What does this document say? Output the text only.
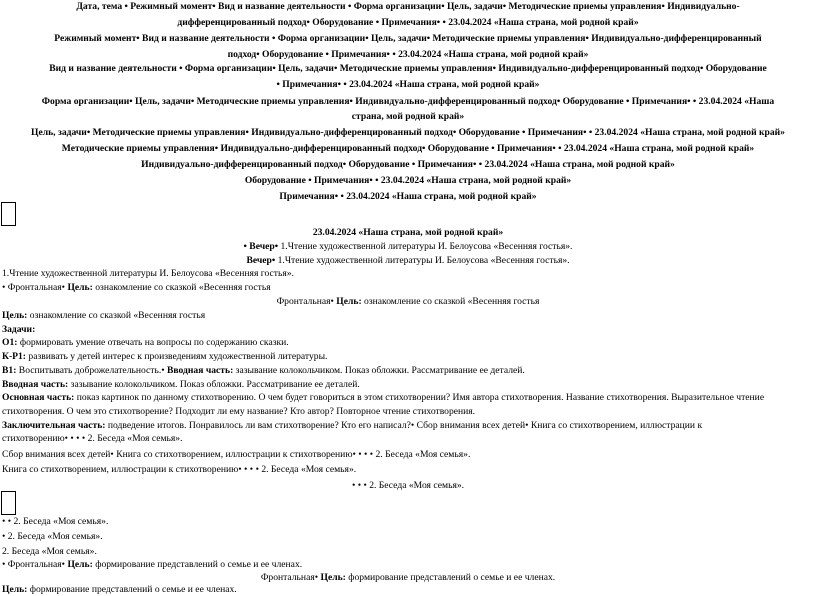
Дата, тема • Режимный момент• Вид и название деятельности • Форма организации• Цель, задачи• Методические приемы управления• Индивидуально-
дифференцированный подход• Оборудование • Примечания• • 23.04.2024 «Наша страна, мой родной край»
Режимный момент• Вид и название деятельности • Форма организации• Цель, задачи• Методические приемы управления• Индивидуально-дифференцированный
подход• Оборудование • Примечания• • 23.04.2024 «Наша страна, мой родной край»
Вид и название деятельности • Форма организации• Цель, задачи• Методические приемы управления• Индивидуально-дифференцированный подход• Оборудование
• Примечания• • 23.04.2024 «Наша страна, мой родной край»
Форма организации• Цель, задачи• Методические приемы управления• Индивидуально-дифференцированный подход• Оборудование • Примечания• • 23.04.2024 «Наша
страна, мой родной край»
Цель, задачи• Методические приемы управления• Индивидуально-дифференцированный подход• Оборудование • Примечания• • 23.04.2024 «Наша страна, мой родной край»
Методические приемы управления• Индивидуально-дифференцированный подход• Оборудование • Примечания• • 23.04.2024 «Наша страна, мой родной край»
Индивидуально-дифференцированный подход• Оборудование • Примечания• • 23.04.2024 «Наша страна, мой родной край»
Оборудование • Примечания• • 23.04.2024 «Наша страна, мой родной край»
Примечания• • 23.04.2024 «Наша страна, мой родной край»
23.04.2024 «Наша страна, мой родной край»
• Вечер• 1.Чтение художественной литературы И. Белоусова «Весенняя гостья».
Вечер• 1.Чтение художественной литературы И. Белоусова «Весенняя гостья».
1.Чтение художественной литературы И. Белоусова «Весенняя гостья».
• Фронтальная• Цель: ознакомление со сказкой «Весенняя гостья
Фронтальная• Цель: ознакомление со сказкой «Весенняя гостья
Цель: ознакомление со сказкой «Весенняя гостья
Задачи:
О1: формировать умение отвечать на вопросы по содержанию сказки.
К-Р1: развивать у детей интерес к произведениям художественной литературы.
В1: Воспитывать доброжелательность.• Вводная часть: зазывание колокольчиком. Показ обложки. Рассматривание ее деталей.
Вводная часть: зазывание колокольчиком. Показ обложки. Рассматривание ее деталей.
Основная часть: показ картинок по данному стихотворению. О чем будет говориться в этом стихотворении? Имя автора стихотворения. Название стихотворения. Выразительное чтение
стихотворения. О чем это стихотворение? Подходит ли ему название? Кто автор? Повторное чтение стихотворения.
Заключительная часть: подведение итогов. Понравилось ли вам стихотворение? Кто его написал?• Сбор внимания всех детей• Книга со стихотворением, иллюстрации к
стихотворению• • • • 2. Беседа «Моя семья».
Сбор внимания всех детей• Книга со стихотворением, иллюстрации к стихотворению• • • • 2. Беседа «Моя семья».
Книга со стихотворением, иллюстрации к стихотворению• • • • 2. Беседа «Моя семья».
• • • 2. Беседа «Моя семья».
• • 2. Беседа «Моя семья».
• 2. Беседа «Моя семья».
2. Беседа «Моя семья».
• Фронтальная• Цель: формирование представлений о семье и ее членах.
Фронтальная• Цель: формирование представлений о семье и ее членах.
Цель: формирование представлений о семье и ее членах.
